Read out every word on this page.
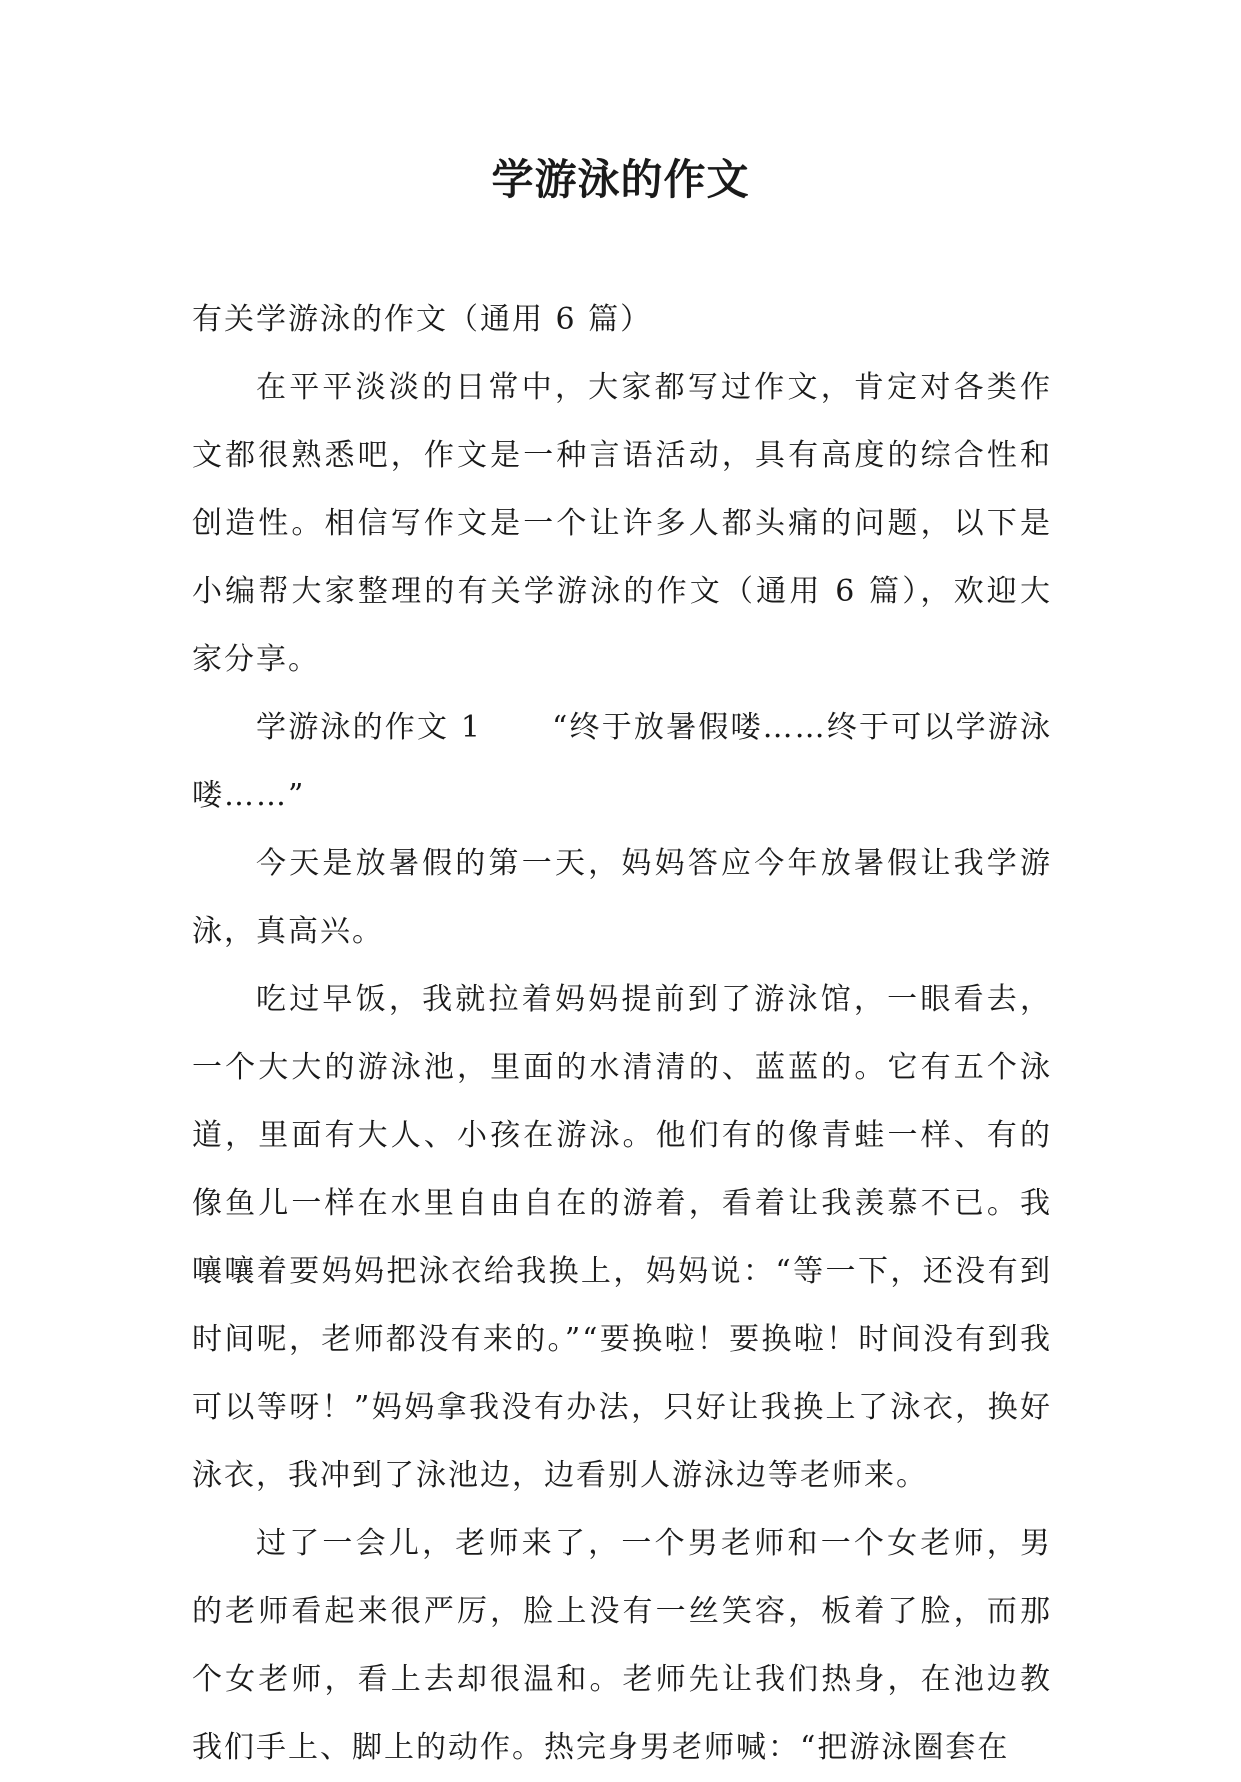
学游泳的作文

有关学游泳的作文（通用 6 篇）

在平平淡淡的日常中，大家都写过作文，肯定对各类作文都很熟悉吧，作文是一种言语活动，具有高度的综合性和创造性。相信写作文是一个让许多人都头痛的问题，以下是小编帮大家整理的有关学游泳的作文（通用 6 篇），欢迎大家分享。

学游泳的作文 1 “终于放暑假喽……终于可以学游泳喽……”

今天是放暑假的第一天，妈妈答应今年放暑假让我学游泳，真高兴。

吃过早饭，我就拉着妈妈提前到了游泳馆，一眼看去，一个大大的游泳池，里面的水清清的、蓝蓝的。它有五个泳道，里面有大人、小孩在游泳。他们有的像青蛙一样、有的像鱼儿一样在水里自由自在的游着，看着让我羡慕不已。我嚷嚷着要妈妈把泳衣给我换上，妈妈说：“等一下，还没有到时间呢，老师都没有来的。”“要换啦！要换啦！时间没有到我可以等呀！”妈妈拿我没有办法，只好让我换上了泳衣，换好泳衣，我冲到了泳池边，边看别人游泳边等老师来。

过了一会儿，老师来了，一个男老师和一个女老师，男的老师看起来很严厉，脸上没有一丝笑容，板着了脸，而那个女老师，看上去却很温和。老师先让我们热身，在池边教我们手上、脚上的动作。热完身男老师喊：“把游泳圈套在
